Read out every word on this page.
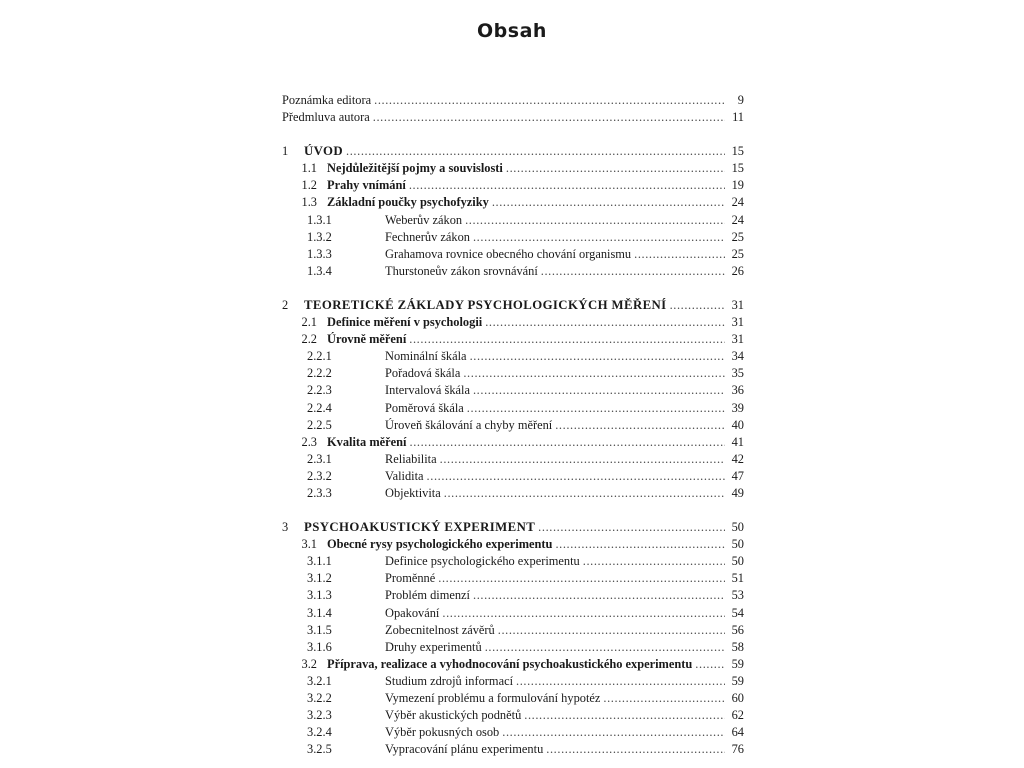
Obsah
Poznámka editora .....	9
Předmluva autora .....	11
1	ÚVOD .....	15
1.1 Nejdůležitější pojmy a souvislosti .....	15
1.2 Prahy vnímání .....	19
1.3 Základní poučky psychofyziky .....	24
1.3.1	Weberův zákon .....	24
1.3.2	Fechnerův zákon .....	25
1.3.3	Grahamova rovnice obecného chování organismu .....	25
1.3.4	Thurstoneův zákon srovnávání .....	26
2	TEORETICKÉ ZÁKLADY PSYCHOLOGICKÝCH MĚŘENÍ .....	31
2.1 Definice měření v psychologii .....	31
2.2 Úrovně měření .....	31
2.2.1	Nominální škála .....	34
2.2.2	Pořadová škála .....	35
2.2.3	Intervalová škála .....	36
2.2.4	Poměrová škála .....	39
2.2.5	Úroveň škálování a chyby měření .....	40
2.3 Kvalita měření .....	41
2.3.1	Reliabilita .....	42
2.3.2	Validita .....	47
2.3.3	Objektivita .....	49
3	PSYCHOAKUSTICKÝ EXPERIMENT .....	50
3.1 Obecné rysy psychologického experimentu .....	50
3.1.1	Definice psychologického experimentu .....	50
3.1.2	Proměnné .....	51
3.1.3	Problém dimenzí .....	53
3.1.4	Opakování .....	54
3.1.5	Zobecnitelnost závěrů .....	56
3.1.6	Druhy experimentů .....	58
3.2 Příprava, realizace a vyhodnocování psychoakustického experimentu .....	59
3.2.1	Studium zdrojů informací .....	59
3.2.2	Vymezení problému a formulování hypotéz .....	60
3.2.3	Výběr akustických podnětů .....	62
3.2.4	Výběr pokusných osob .....	64
3.2.5	Vypracování plánu experimentu .....	76
